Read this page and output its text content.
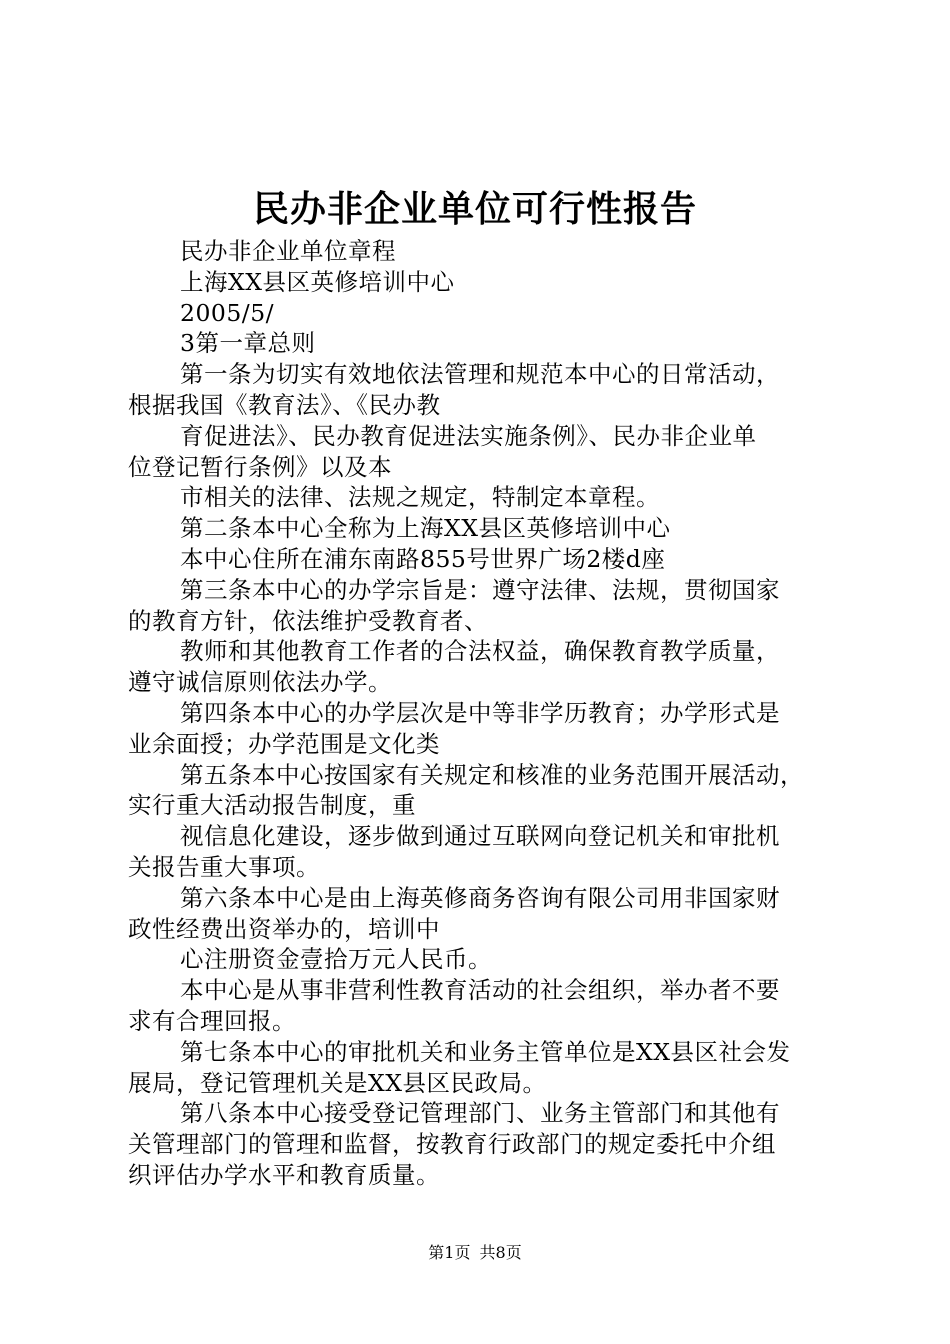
民办非企业单位可行性报告

民办非企业单位章程

上海XX县区英修培训中心

2005/5/

3第一章总则

第一条为切实有效地依法管理和规范本中心的日常活动，

根据我国《教育法》、《民办教

育促进法》、民办教育促进法实施条例》、民办非企业单

位登记暂行条例》以及本

市相关的法律、法规之规定，特制定本章程。

第二条本中心全称为上海XX县区英修培训中心

本中心住所在浦东南路855号世界广场2楼d座

第三条本中心的办学宗旨是：遵守法律、法规，贯彻国家

的教育方针，依法维护受教育者、

教师和其他教育工作者的合法权益，确保教育教学质量，

遵守诚信原则依法办学。

第四条本中心的办学层次是中等非学历教育；办学形式是

业余面授；办学范围是文化类

第五条本中心按国家有关规定和核准的业务范围开展活动，

实行重大活动报告制度，重

视信息化建设，逐步做到通过互联网向登记机关和审批机

关报告重大事项。

第六条本中心是由上海英修商务咨询有限公司用非国家财

政性经费出资举办的，培训中

心注册资金壹拾万元人民币。

本中心是从事非营利性教育活动的社会组织，举办者不要

求有合理回报。

第七条本中心的审批机关和业务主管单位是XX县区社会发

展局，登记管理机关是XX县区民政局。

第八条本中心接受登记管理部门、业务主管部门和其他有

关管理部门的管理和监督，按教育行政部门的规定委托中介组

织评估办学水平和教育质量。

第1页 共8页
